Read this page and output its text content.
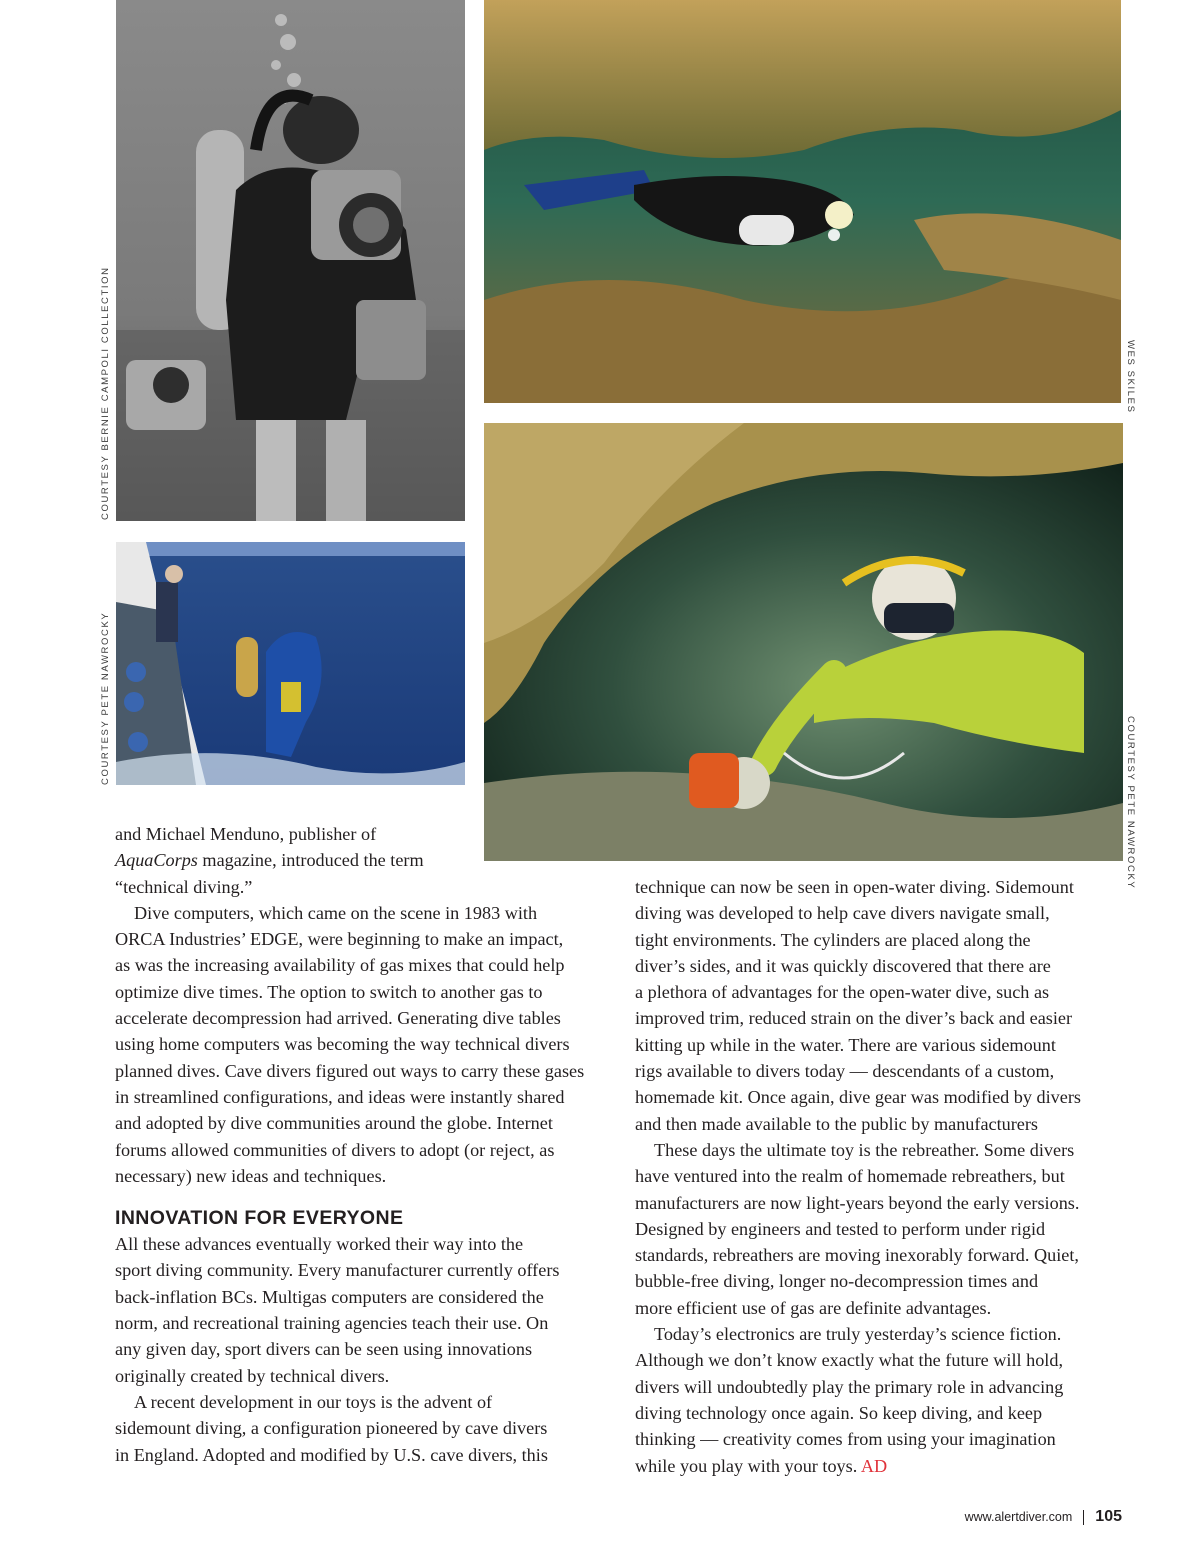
COURTESY BERNIE CAMPOLI COLLECTION
COURTESY PETE NAWROCKY
WES SKILES
COURTESY PETE NAWROCKY

and Michael Menduno, publisher of

AquaCorps magazine, introduced the term

“technical diving.”

Dive computers, which came on the scene in 1983 with

ORCA Industries’ EDGE, were beginning to make an impact,

as was the increasing availability of gas mixes that could help

optimize dive times. The option to switch to another gas to

accelerate decompression had arrived. Generating dive tables

using home computers was becoming the way technical divers

planned dives. Cave divers figured out ways to carry these gases

in streamlined configurations, and ideas were instantly shared

and adopted by dive communities around the globe. Internet

forums allowed communities of divers to adopt (or reject, as

necessary) new ideas and techniques.

INNOVATION FOR EVERYONE

All these advances eventually worked their way into the

sport diving community. Every manufacturer currently offers

back-inflation BCs. Multigas computers are considered the

norm, and recreational training agencies teach their use. On

any given day, sport divers can be seen using innovations

originally created by technical divers.

A recent development in our toys is the advent of

sidemount diving, a configuration pioneered by cave divers

in England. Adopted and modified by U.S. cave divers, this

technique can now be seen in open-water diving. Sidemount

diving was developed to help cave divers navigate small,

tight environments. The cylinders are placed along the

diver’s sides, and it was quickly discovered that there are

a plethora of advantages for the open-water dive, such as

improved trim, reduced strain on the diver’s back and easier

kitting up while in the water. There are various sidemount

rigs available to divers today — descendants of a custom,

homemade kit. Once again, dive gear was modified by divers

and then made available to the public by manufacturers

These days the ultimate toy is the rebreather. Some divers

have ventured into the realm of homemade rebreathers, but

manufacturers are now light-years beyond the early versions.

Designed by engineers and tested to perform under rigid

standards, rebreathers are moving inexorably forward. Quiet,

bubble-free diving, longer no-decompression times and

more efficient use of gas are definite advantages.

Today’s electronics are truly yesterday’s science fiction.

Although we don’t know exactly what the future will hold,

divers will undoubtedly play the primary role in advancing

diving technology once again. So keep diving, and keep

thinking — creativity comes from using your imagination

while you play with your toys. AD

www.alertdiver.com 105
